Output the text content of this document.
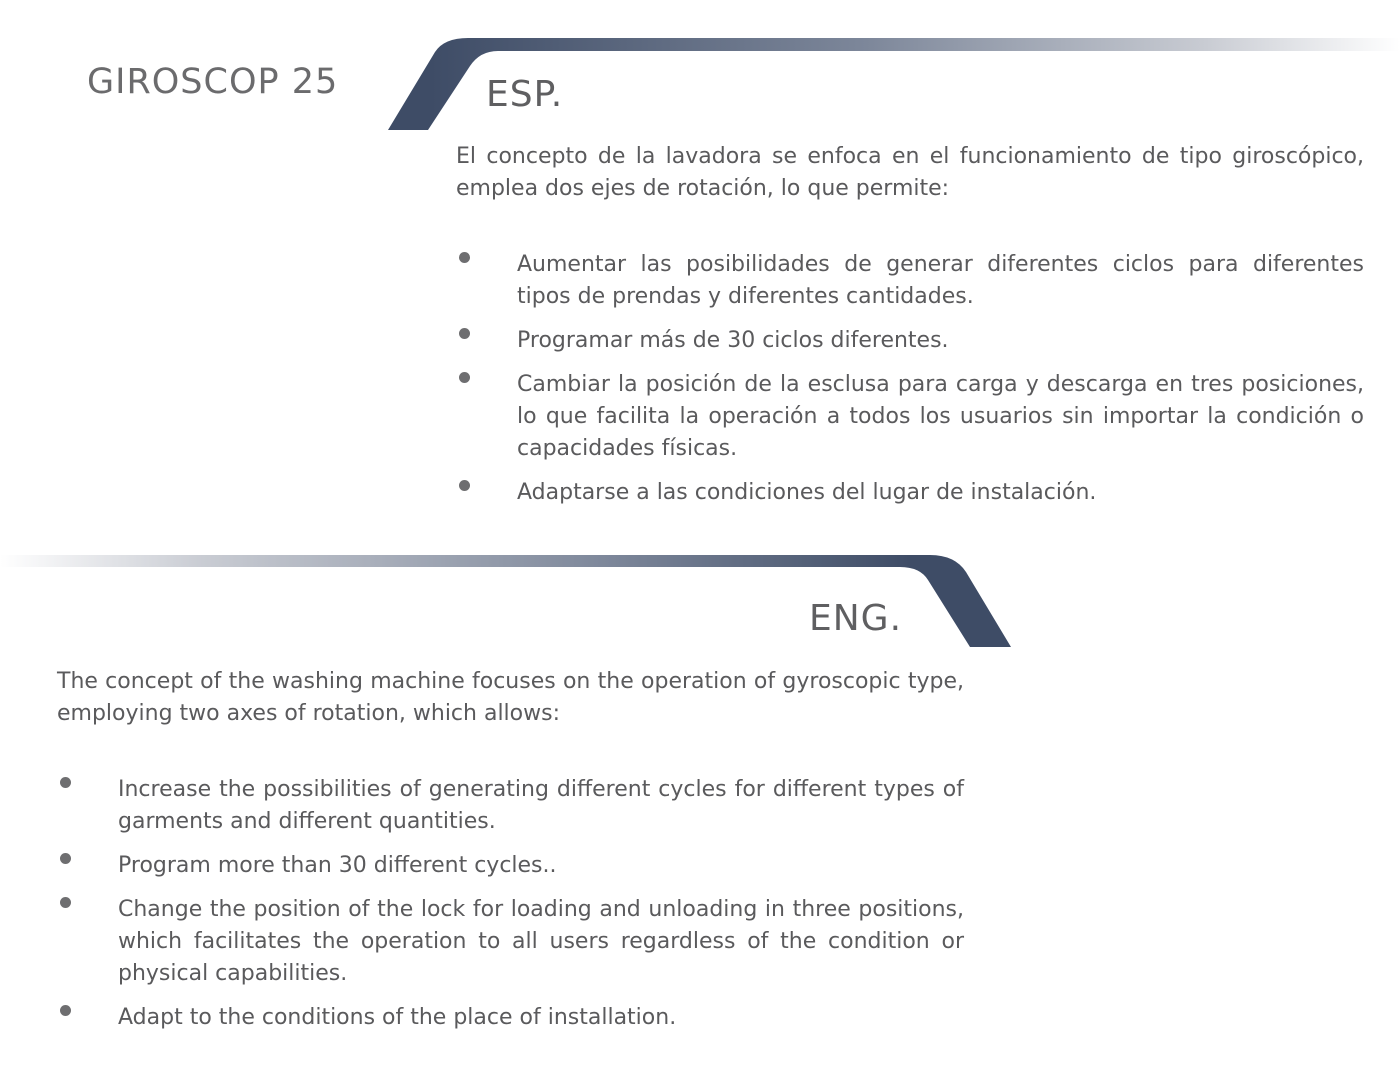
GIROSCOP 25	ESP.

El concepto de la lavadora se enfoca en el funcionamiento de tipo giroscópico, emplea dos ejes de rotación, lo que permite:

Aumentar las posibilidades de generar diferentes ciclos para diferentes tipos de prendas y diferentes cantidades.
Programar más de 30 ciclos diferentes.
Cambiar la posición de la esclusa para carga y descarga en tres posiciones, lo que facilita la operación a todos los usuarios sin importar la condición o capacidades físicas.
Adaptarse a las condiciones del lugar de instalación.
ENG.

The concept of the washing machine focuses on the operation of gyroscopic type, employing two axes of rotation, which allows:

Increase the possibilities of generating different cycles for different types of garments and different quantities.
Program more than 30 different cycles..
Change the position of the lock for loading and unloading in three positions, which facilitates the operation to all users regardless of the condition or physical capabilities.
Adapt to the conditions of the place of installation.
